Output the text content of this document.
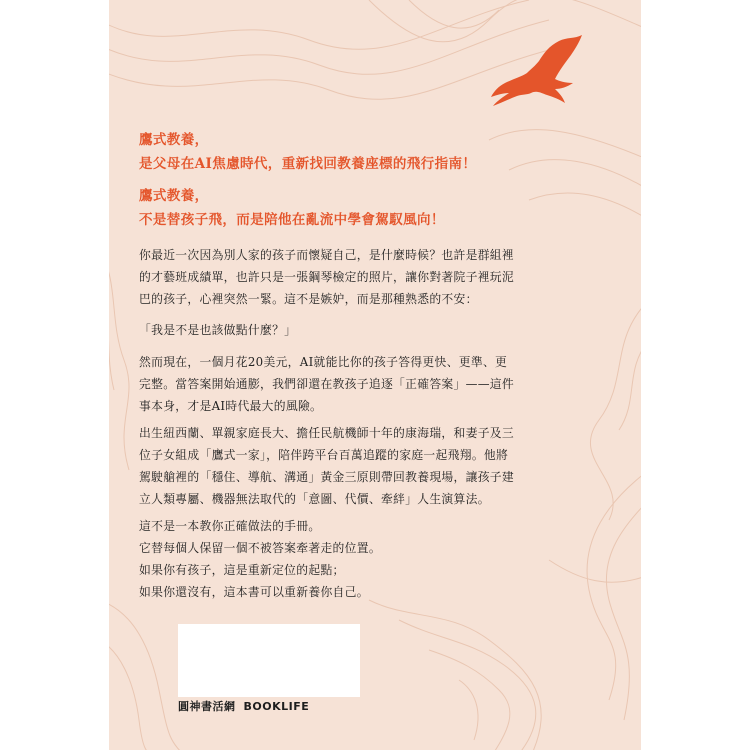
鷹式教養，
是父母在AI焦慮時代，重新找回教養座標的飛行指南！
鷹式教養，
不是替孩子飛，而是陪他在亂流中學會駕馭風向！
你最近一次因為別人家的孩子而懷疑自己，是什麼時候？也許是群組裡
的才藝班成績單，也許只是一張鋼琴檢定的照片，讓你對著院子裡玩泥
巴的孩子，心裡突然一緊。這不是嫉妒，而是那種熟悉的不安：
「我是不是也該做點什麼？」
然而現在，一個月花20美元，AI就能比你的孩子答得更快、更準、更
完整。當答案開始通膨，我們卻還在教孩子追逐「正確答案」——這件
事本身，才是AI時代最大的風險。
出生紐西蘭、單親家庭長大、擔任民航機師十年的康海瑞，和妻子及三
位子女組成「鷹式一家」，陪伴跨平台百萬追蹤的家庭一起飛翔。他將
駕駛艙裡的「穩住、導航、溝通」黃金三原則帶回教養現場，讓孩子建
立人類專屬、機器無法取代的「意圖、代價、牽絆」人生演算法。
這不是一本教你正確做法的手冊。
它替每個人保留一個不被答案牽著走的位置。
如果你有孩子，這是重新定位的起點；
如果你還沒有，這本書可以重新養你自己。
圓神書活網 BOOKLIFE
